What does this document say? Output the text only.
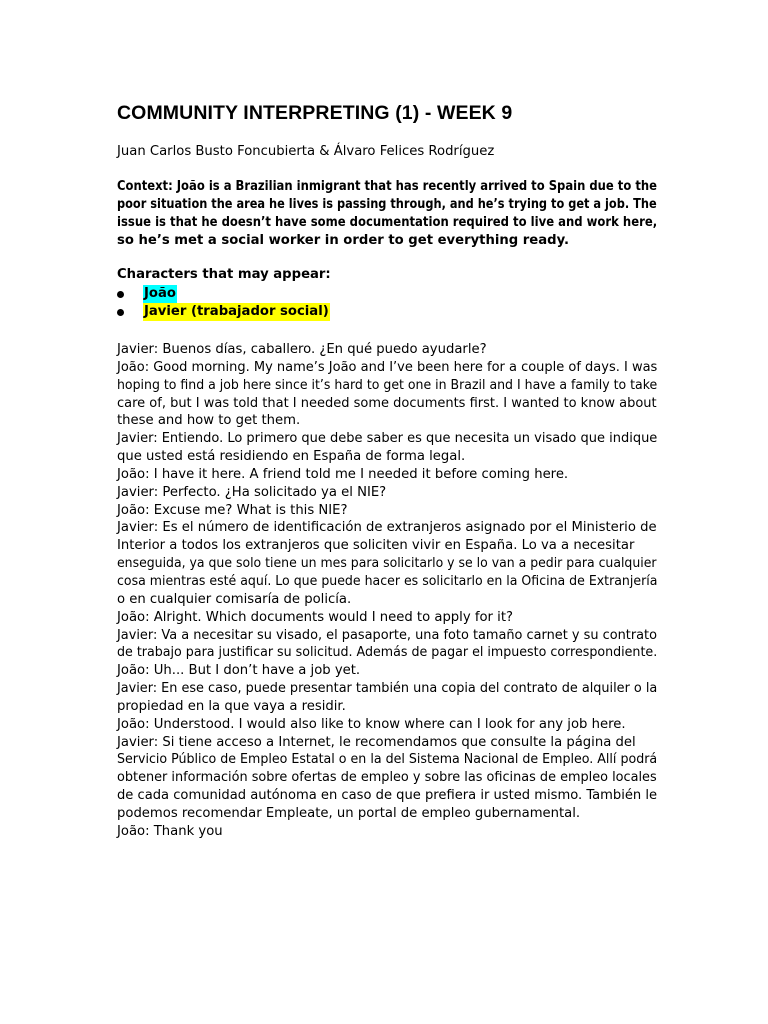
COMMUNITY INTERPRETING (1) - WEEK 9
Juan Carlos Busto Foncubierta & Álvaro Felices Rodríguez
Context: João is a Brazilian inmigrant that has recently arrived to Spain due to the
poor situation the area he lives is passing through, and he’s trying to get a job. The
issue is that he doesn’t have some documentation required to live and work here,
so he’s met a social worker in order to get everything ready.
Characters that may appear:
João
Javier (trabajador social)
Javier: Buenos días, caballero. ¿En qué puedo ayudarle?
João: Good morning. My name’s João and I’ve been here for a couple of days. I was
hoping to find a job here since it’s hard to get one in Brazil and I have a family to take
care of, but I was told that I needed some documents first. I wanted to know about
these and how to get them.
Javier: Entiendo. Lo primero que debe saber es que necesita un visado que indique
que usted está residiendo en España de forma legal.
João: I have it here. A friend told me I needed it before coming here.
Javier: Perfecto. ¿Ha solicitado ya el NIE?
João: Excuse me? What is this NIE?
Javier: Es el número de identificación de extranjeros asignado por el Ministerio de
Interior a todos los extranjeros que soliciten vivir en España. Lo va a necesitar
enseguida, ya que solo tiene un mes para solicitarlo y se lo van a pedir para cualquier
cosa mientras esté aquí. Lo que puede hacer es solicitarlo en la Oficina de Extranjería
o en cualquier comisaría de policía.
João: Alright. Which documents would I need to apply for it?
Javier: Va a necesitar su visado, el pasaporte, una foto tamaño carnet y su contrato
de trabajo para justificar su solicitud. Además de pagar el impuesto correspondiente.
João: Uh... But I don’t have a job yet.
Javier: En ese caso, puede presentar también una copia del contrato de alquiler o la
propiedad en la que vaya a residir.
João: Understood. I would also like to know where can I look for any job here.
Javier: Si tiene acceso a Internet, le recomendamos que consulte la página del
Servicio Público de Empleo Estatal o en la del Sistema Nacional de Empleo. Allí podrá
obtener información sobre ofertas de empleo y sobre las oficinas de empleo locales
de cada comunidad autónoma en caso de que prefiera ir usted mismo. También le
podemos recomendar Empleate, un portal de empleo gubernamental.
João: Thank you
